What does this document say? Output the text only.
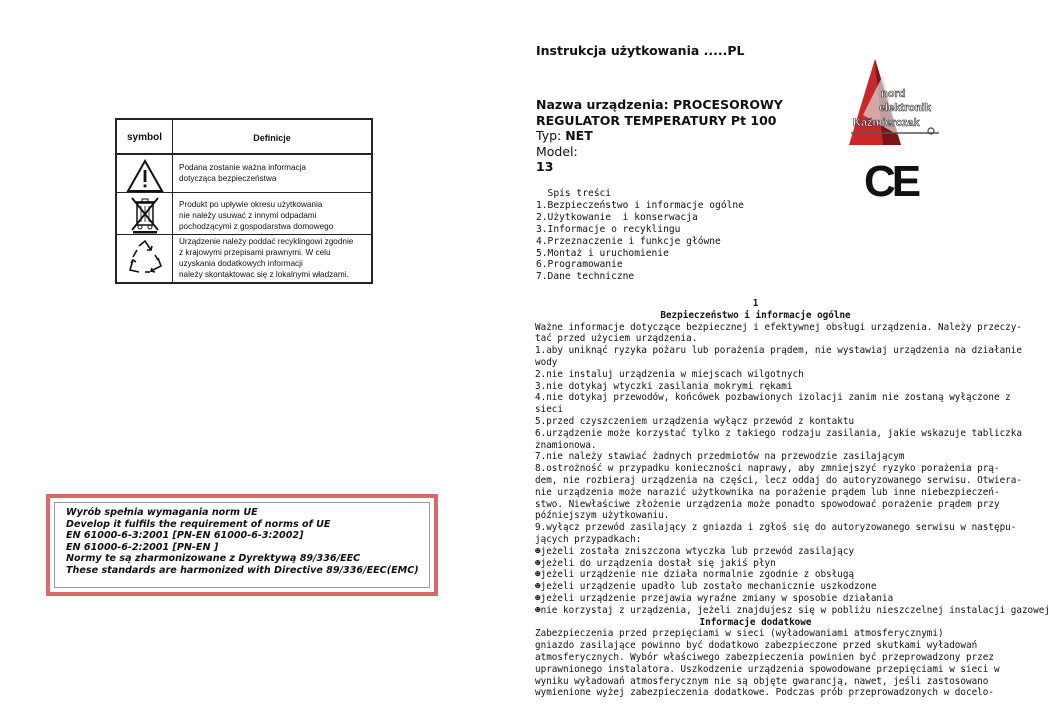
symbol	Definicje
Podana zostanie ważna informacja
dotycząca bezpieczeństwa
Produkt po upływie okresu użytkowania
nie należy usuwać z innymi odpadami
pochodzącymi z gospodarstwa domowego
Urządzenie należy poddać recyklingowi zgodnie
z krajowymi przepisami prawnymi. W celu
uzyskania dodatkowych informacji
należy skontaktowac się z lokalnymi władzami.
Wyrób spełnia wymagania norm UE
Develop it fulfils the requirement of norms of UE
EN 61000-6-3:2001 [PN-EN 61000-6-3:2002]
EN 61000-6-2:2001 [PN-EN ]
Normy te są zharmonizowane z Dyrektywą 89/336/EEC
These standards are harmonized with Directive 89/336/EEC(EMC)
Instrukcja użytkowania .....PL
Nazwa urządzenia: PROCESOROWY
REGULATOR TEMPERATURY Pt 100
Typ: NET
Model:
13
nord
elektronik
Kaźmierczak
CE
Spis treści
1.Bezpieczeństwo i informacje ogólne
2.Użytkowanie  i konserwacja
3.Informacje o recyklingu
4.Przeznaczenie i funkcje główne
5.Montaż i uruchomienie
6.Programowanie
7.Dane techniczne
1
Bezpieczeństwo i informacje ogólne
Ważne informacje dotyczące bezpiecznej i efektywnej obsługi urządzenia. Należy przeczy-
tać przed użyciem urządzenia.
1.aby uniknąć ryzyka pożaru lub porażenia prądem, nie wystawiaj urządzenia na działanie
wody
2.nie instaluj urządzenia w miejscach wilgotnych
3.nie dotykaj wtyczki zasilania mokrymi rękami
4.nie dotykaj przewodów, końcówek pozbawionych izolacji zanim nie zostaną wyłączone z
sieci
5.przed czyszczeniem urządzenia wyłącz przewód z kontaktu
6.urządzenie może korzystać tylko z takiego rodzaju zasilania, jakie wskazuje tabliczka
znamionowa.
7.nie należy stawiać żadnych przedmiotów na przewodzie zasilającym
8.ostrożność w przypadku konieczności naprawy, aby zmniejszyć ryzyko porażenia prą-
dem, nie rozbieraj urządzenia na części, lecz oddaj do autoryzowanego serwisu. Otwiera-
nie urządzenia może narazić użytkownika na porażenie prądem lub inne niebezpieczeń-
stwo. Niewłaściwe złożenie urządzenia może ponadto spowodować porażenie prądem przy
późniejszym użytkowaniu.
9.wyłącz przewód zasilający z gniazda i zgłoś się do autoryzowanego serwisu w następu-
jących przypadkach:
☻jeżeli została zniszczona wtyczka lub przewód zasilający
☻jeżeli do urządzenia dostał się jakiś płyn
☻jeżeli urządzenie nie działa normalnie zgodnie z obsługą
☻jeżeli urządzenie upadło lub zostało mechanicznie uszkodzone
☻jeżeli urządzenie przejawia wyraźne zmiany w sposobie działania
☻nie korzystaj z urządzenia, jeżeli znajdujesz się w pobliżu nieszczelnej instalacji gazowej
Informacje dodatkowe
Zabezpieczenia przed przepięciami w sieci (wyładowaniami atmosferycznymi)
gniazdo zasilające powinno być dodatkowo zabezpieczone przed skutkami wyładowań
atmosferycznych. Wybór właściwego zabezpieczenia powinien być przeprowadzony przez
uprawnionego instalatora. Uszkodzenie urządzenia spowodowane przepięciami w sieci w
wyniku wyładowań atmosferycznym nie są objęte gwarancją, nawet, jeśli zastosowano
wymienione wyżej zabezpieczenia dodatkowe. Podczas prób przeprowadzonych w docelo-
